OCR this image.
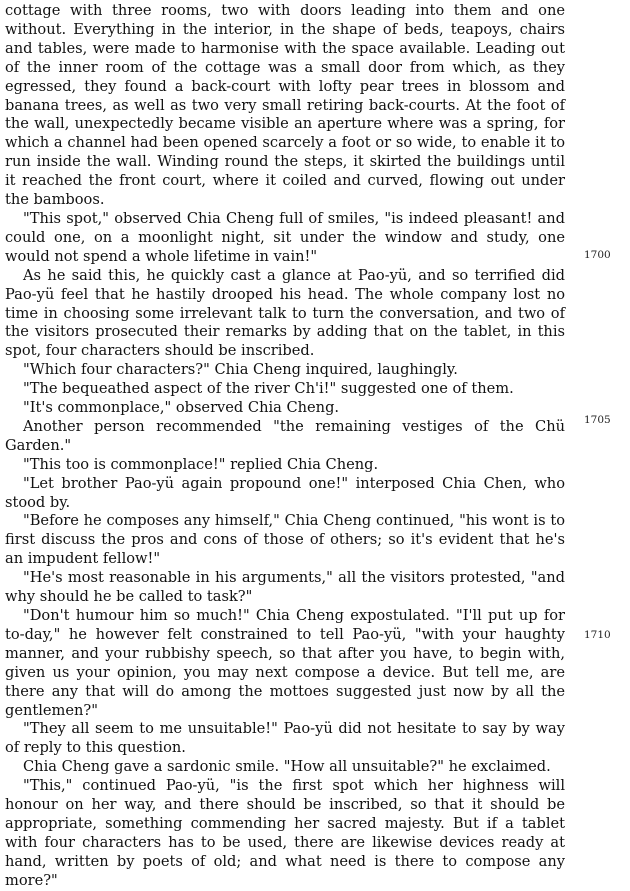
cottage with three rooms, two with doors leading into them and one without. Everything in the interior, in the shape of beds, teapoys, chairs and tables, were made to harmonise with the space available. Leading out of the inner room of the cottage was a small door from which, as they egressed, they found a back-court with lofty pear trees in blossom and banana trees, as well as two very small retiring back-courts. At the foot of the wall, unexpectedly became visible an aperture where was a spring, for which a channel had been opened scarcely a foot or so wide, to enable it to run inside the wall. Winding round the steps, it skirted the buildings until it reached the front court, where it coiled and curved, flowing out under the bamboos.

"This spot," observed Chia Cheng full of smiles, "is indeed pleasant! and could one, on a moonlight night, sit under the window and study, one would not spend a whole lifetime in vain!"

As he said this, he quickly cast a glance at Pao-yü, and so terrified did Pao-yü feel that he hastily drooped his head. The whole company lost no time in choosing some irrelevant talk to turn the conversation, and two of the visitors prosecuted their remarks by adding that on the tablet, in this spot, four characters should be inscribed.

"Which four characters?" Chia Cheng inquired, laughingly.

"The bequeathed aspect of the river Ch'i!" suggested one of them.

"It's commonplace," observed Chia Cheng.

Another person recommended "the remaining vestiges of the Chü Garden."

"This too is commonplace!" replied Chia Cheng.

"Let brother Pao-yü again propound one!" interposed Chia Chen, who stood by.

"Before he composes any himself," Chia Cheng continued, "his wont is to first discuss the pros and cons of those of others; so it's evident that he's an impudent fellow!"

"He's most reasonable in his arguments," all the visitors protested, "and why should he be called to task?"

"Don't humour him so much!" Chia Cheng expostulated. "I'll put up for to-day," he however felt constrained to tell Pao-yü, "with your haughty manner, and your rubbishy speech, so that after you have, to begin with, given us your opinion, you may next compose a device. But tell me, are there any that will do among the mottoes suggested just now by all the gentlemen?"

"They all seem to me unsuitable!" Pao-yü did not hesitate to say by way of reply to this question.

Chia Cheng gave a sardonic smile. "How all unsuitable?" he exclaimed.

"This," continued Pao-yü, "is the first spot which her highness will honour on her way, and there should be inscribed, so that it should be appropriate, something commending her sacred majesty. But if a tablet with four characters has to be used, there are likewise devices ready at hand, written by poets of old; and what need is there to compose any more?"

1700
1705
1710
